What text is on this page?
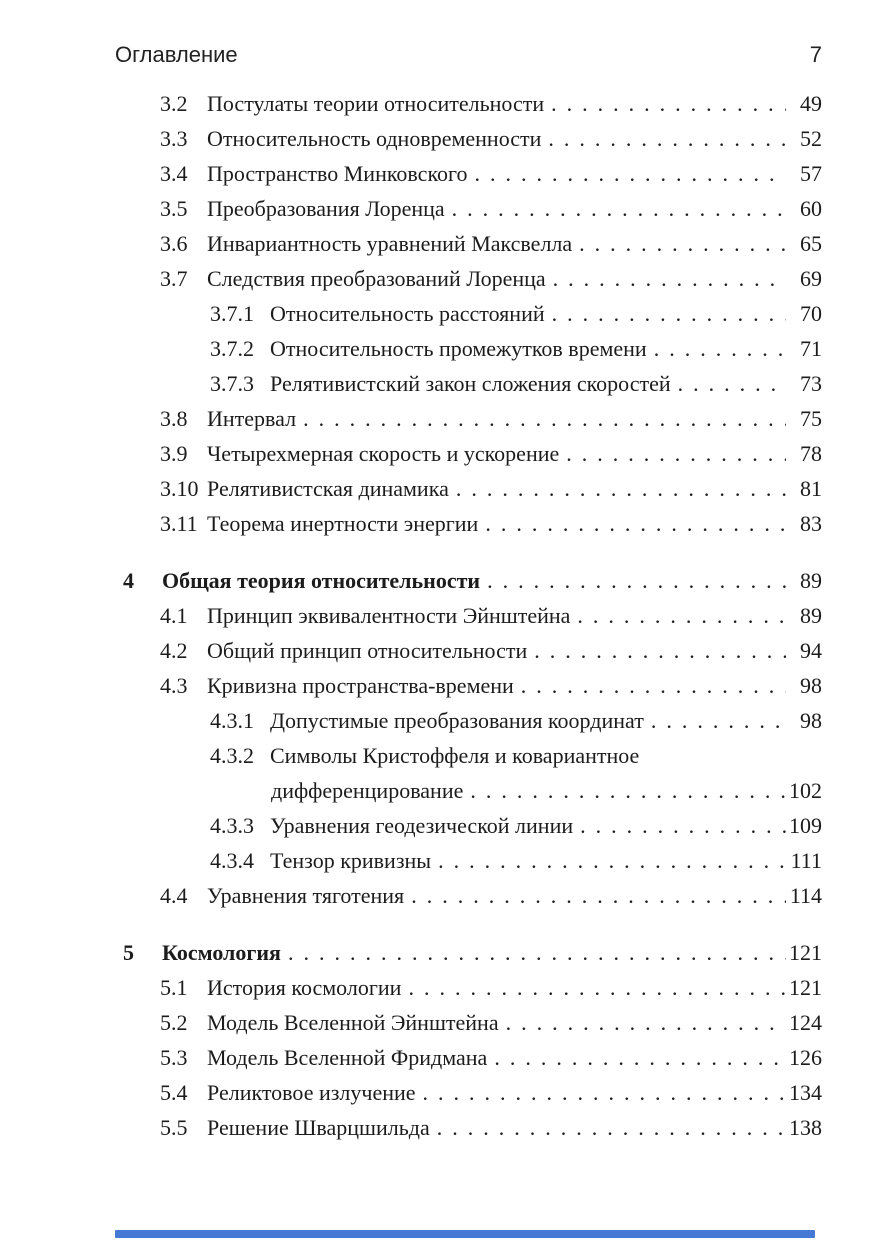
Оглавление	7
3.2 Постулаты теории относительности .....	49
3.3 Относительность одновременности .....	52
3.4 Пространство Минковского .....	57
3.5 Преобразования Лоренца .....	60
3.6 Инвариантность уравнений Максвелла .....	65
3.7 Следствия преобразований Лоренца .....	69
3.7.1 Относительность расстояний .....	70
3.7.2 Относительность промежутков времени .....	71
3.7.3 Релятивистский закон сложения скоростей .....	73
3.8 Интервал .....	75
3.9 Четырехмерная скорость и ускорение .....	78
3.10 Релятивистская динамика .....	81
3.11 Теорема инертности энергии .....	83
4	Общая теория относительности .....	89
4.1 Принцип эквивалентности Эйнштейна .....	89
4.2 Общий принцип относительности .....	94
4.3 Кривизна пространства-времени .....	98
4.3.1 Допустимые преобразования координат .....	98
4.3.2 Символы Кристоффеля и ковариантное
дифференцирование .....	102
4.3.3 Уравнения геодезической линии .....	109
4.3.4 Тензор кривизны .....	111
4.4 Уравнения тяготения .....	114
5	Космология .....	121
5.1 История космологии .....	121
5.2 Модель Вселенной Эйнштейна .....	124
5.3 Модель Вселенной Фридмана .....	126
5.4 Реликтовое излучение .....	134
5.5 Решение Шварцшильда .....	138
